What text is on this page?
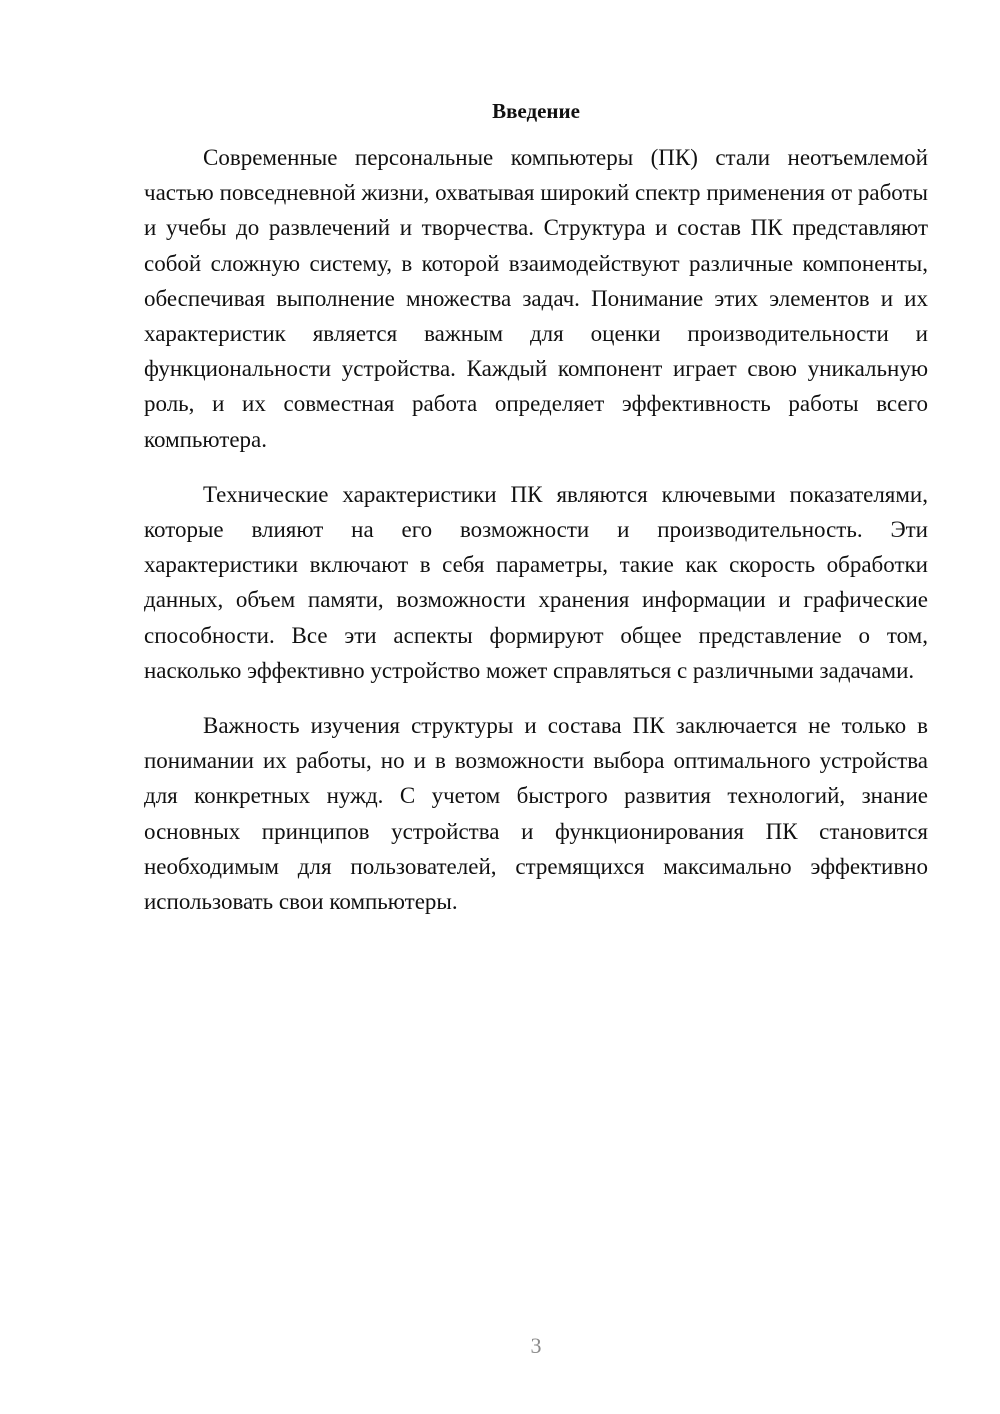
Введение

Современные персональные компьютеры (ПК) стали неотъемлемой частью повседневной жизни, охватывая широкий спектр применения от работы и учебы до развлечений и творчества. Структура и состав ПК представляют собой сложную систему, в которой взаимодействуют различные компоненты, обеспечивая выполнение множества задач. Понимание этих элементов и их характеристик является важным для оценки производительности и функциональности устройства. Каждый компонент играет свою уникальную роль, и их совместная работа определяет эффективность работы всего компьютера.

Технические характеристики ПК являются ключевыми показателями, которые влияют на его возможности и производительность. Эти характеристики включают в себя параметры, такие как скорость обработки данных, объем памяти, возможности хранения информации и графические способности. Все эти аспекты формируют общее представление о том, насколько эффективно устройство может справляться с различными задачами.

Важность изучения структуры и состава ПК заключается не только в понимании их работы, но и в возможности выбора оптимального устройства для конкретных нужд. С учетом быстрого развития технологий, знание основных принципов устройства и функционирования ПК становится необходимым для пользователей, стремящихся максимально эффективно использовать свои компьютеры.

3
